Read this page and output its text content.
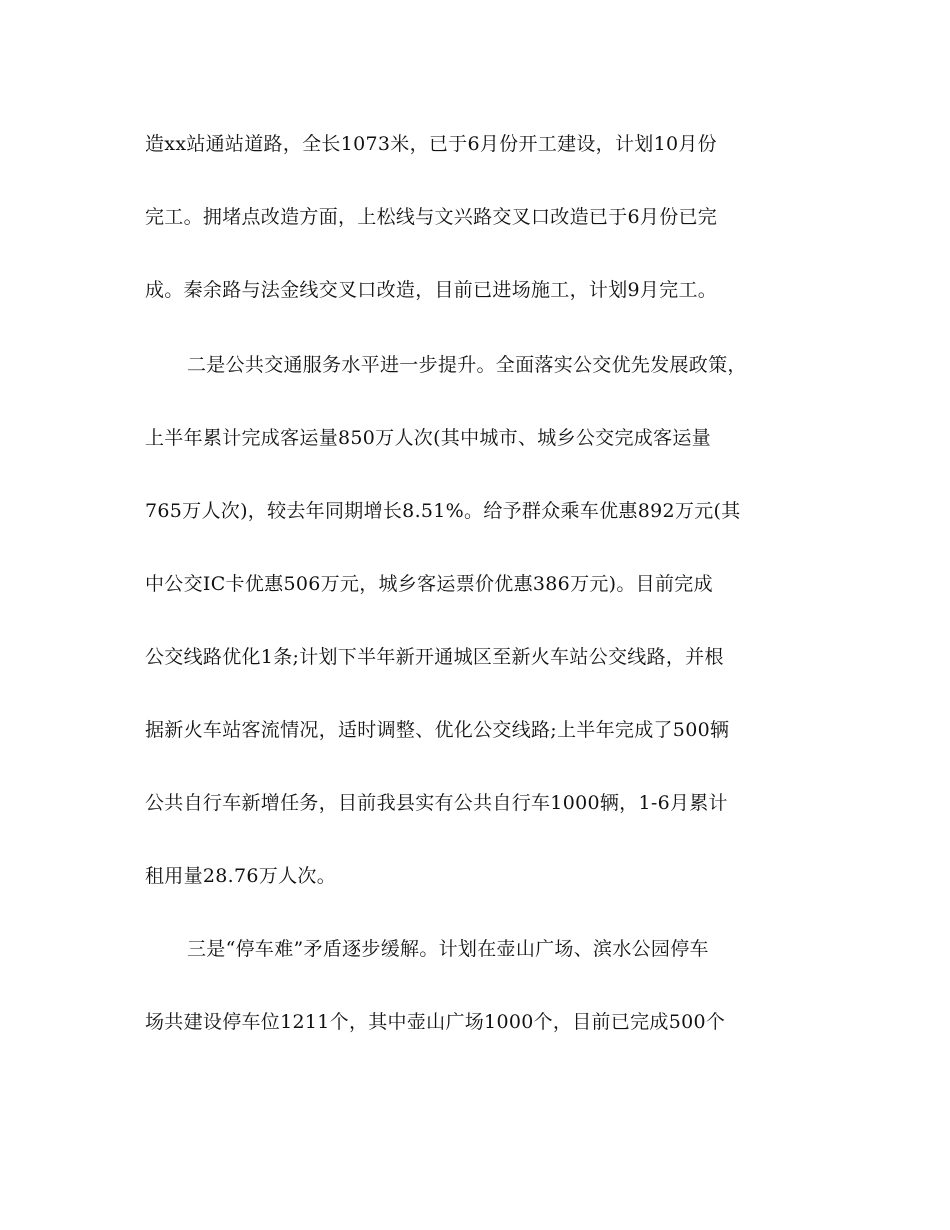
造xx站通站道路，全长1073米，已于6月份开工建设，计划10月份
完工。拥堵点改造方面，上松线与文兴路交叉口改造已于6月份已完
成。秦余路与法金线交叉口改造，目前已进场施工，计划9月完工。
二是公共交通服务水平进一步提升。全面落实公交优先发展政策，
上半年累计完成客运量850万人次(其中城市、城乡公交完成客运量
765万人次)，较去年同期增长8.51%。给予群众乘车优惠892万元(其
中公交IC卡优惠506万元，城乡客运票价优惠386万元)。目前完成
公交线路优化1条;计划下半年新开通城区至新火车站公交线路，并根
据新火车站客流情况，适时调整、优化公交线路;上半年完成了500辆
公共自行车新增任务，目前我县实有公共自行车1000辆，1-6月累计
租用量28.76万人次。
三是“停车难”矛盾逐步缓解。计划在壶山广场、滨水公园停车
场共建设停车位1211个，其中壶山广场1000个，目前已完成500个
